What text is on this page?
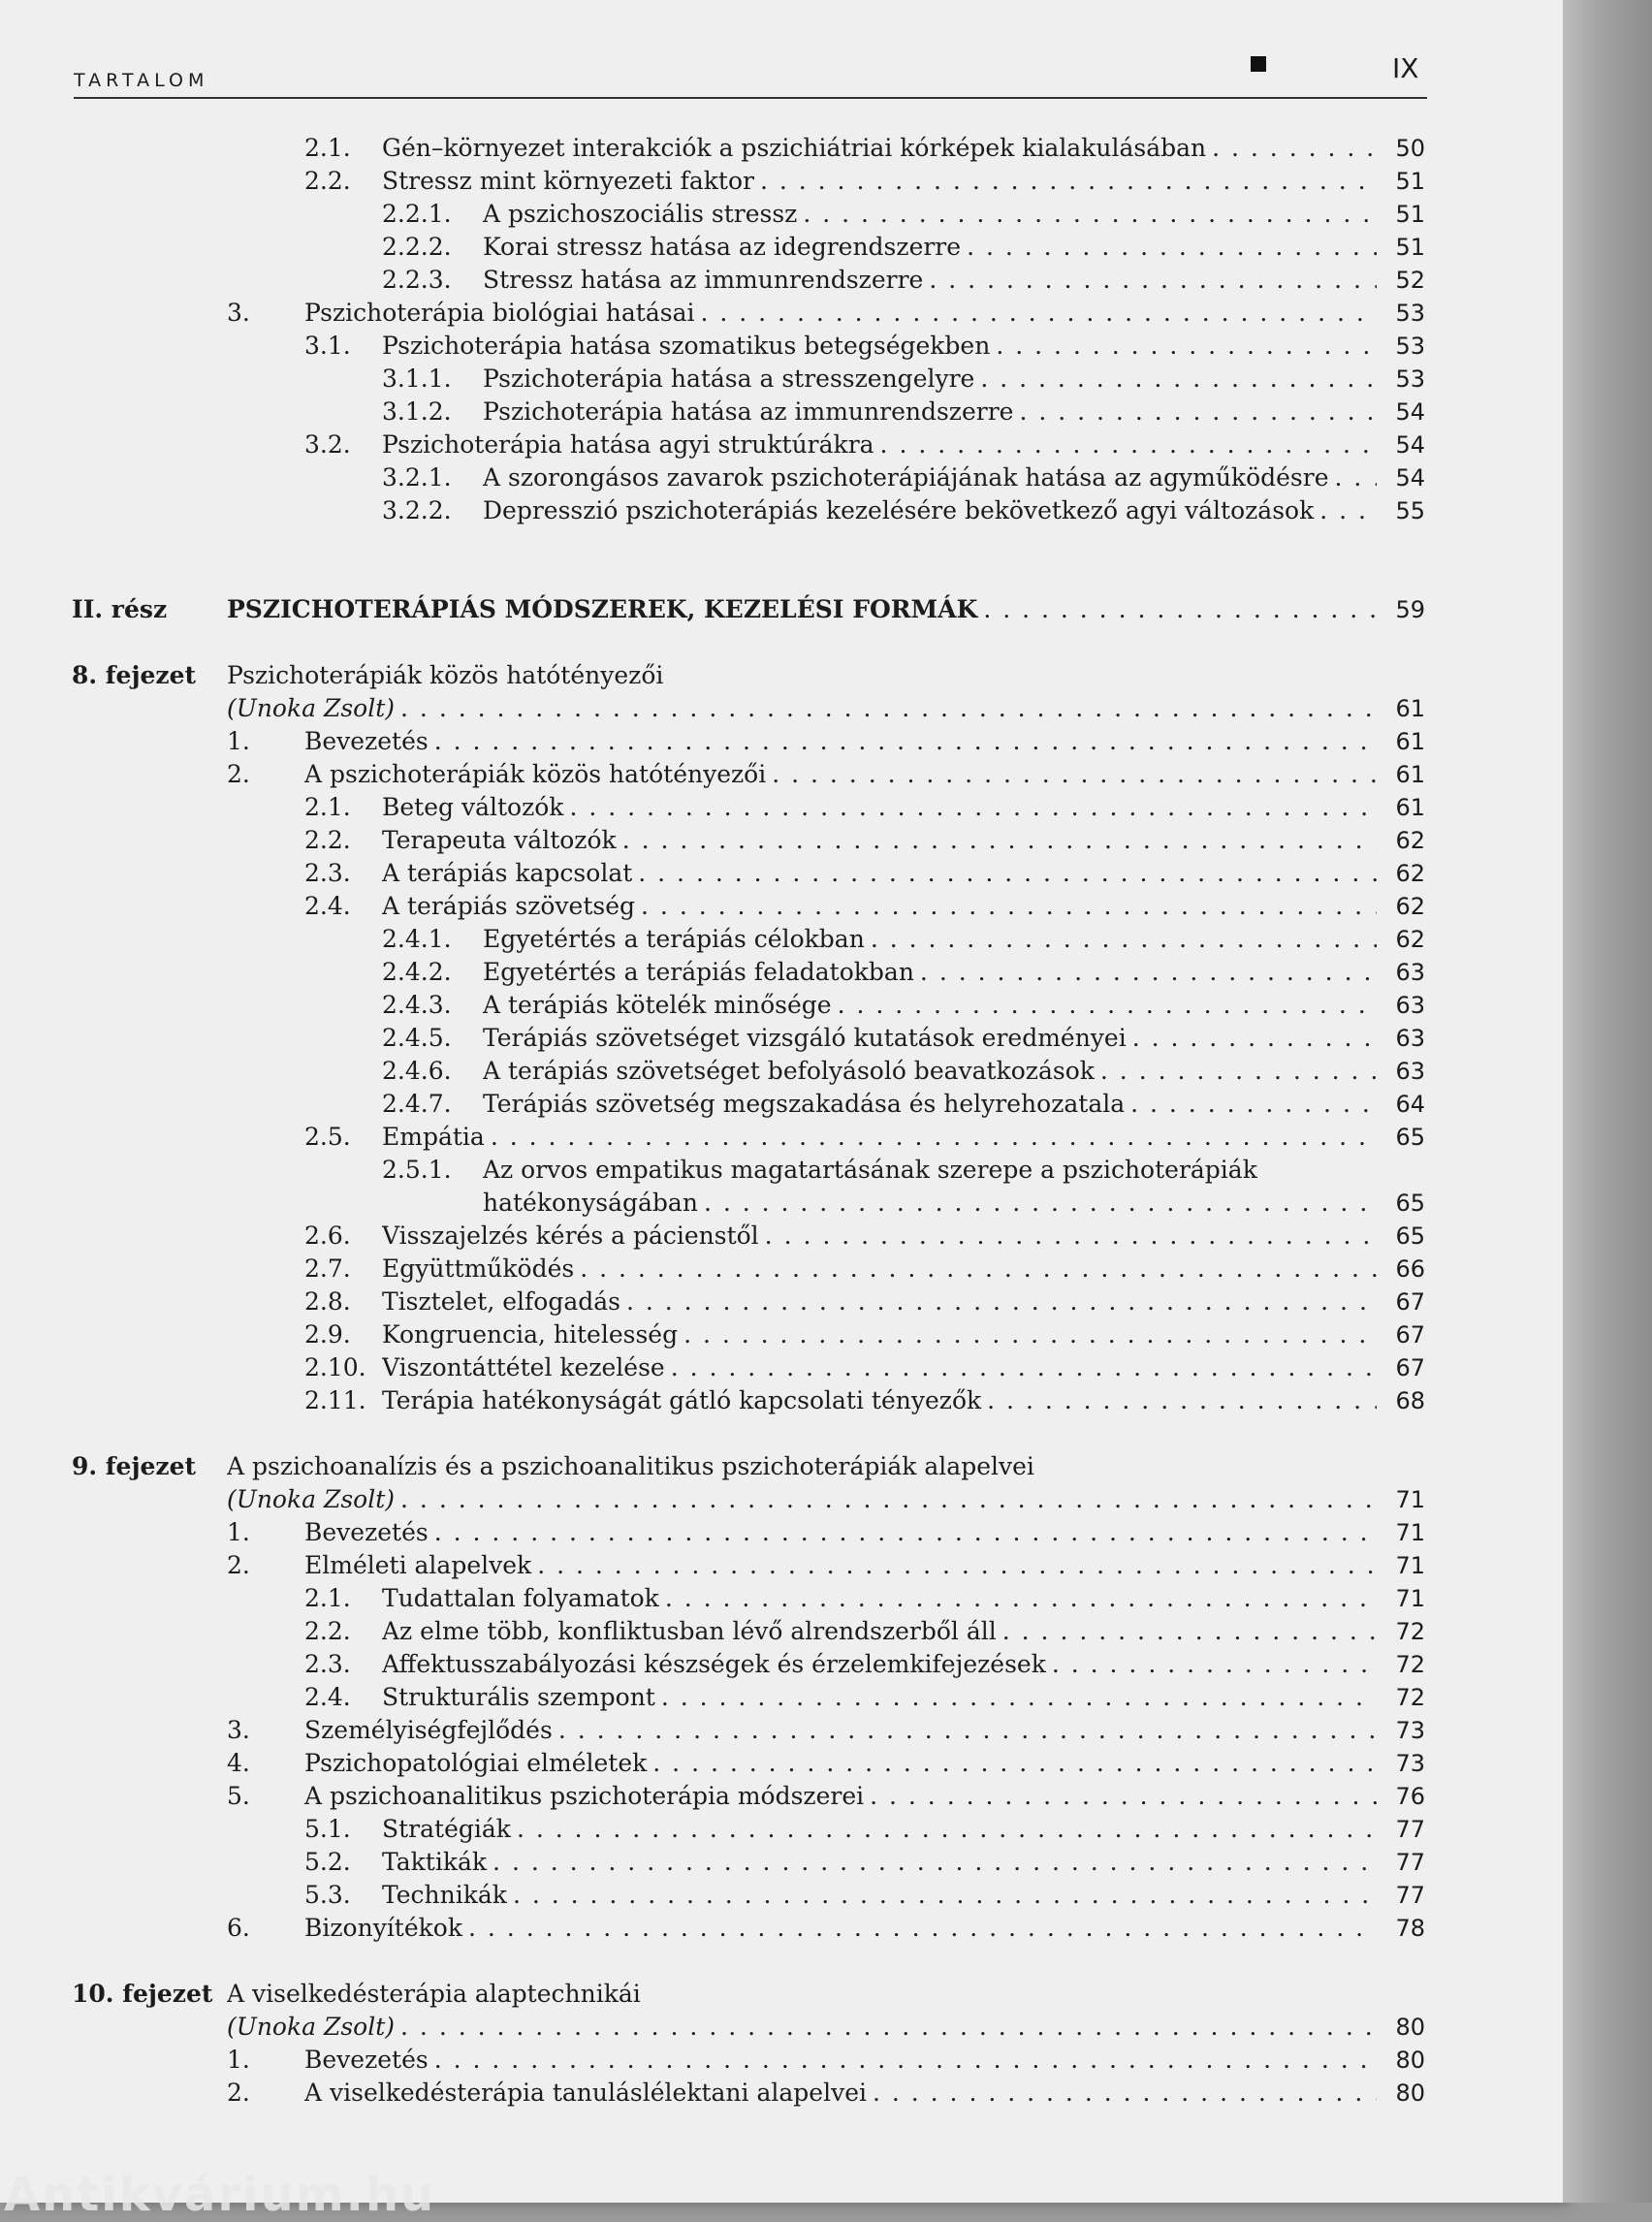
TARTALOM	IX
2.1. Gén–környezet interakciók a pszichiátriai kórképek kialakulásában . . .	50
2.2. Stressz mint környezeti faktor . . .	51
2.2.1. A pszichoszociális stressz . . .	51
2.2.2. Korai stressz hatása az idegrendszerre . . .	51
2.2.3. Stressz hatása az immunrendszerre . . .	52
3. Pszichoterápia biológiai hatásai . . .	53
3.1. Pszichoterápia hatása szomatikus betegségekben . . .	53
3.1.1. Pszichoterápia hatása a stresszengelyre . . .	53
3.1.2. Pszichoterápia hatása az immunrendszerre . . .	54
3.2. Pszichoterápia hatása agyi struktúrákra . . .	54
3.2.1. A szorongásos zavarok pszichoterápiájának hatása az agyműködésre . . .	54
3.2.2. Depresszió pszichoterápiás kezelésére bekövetkező agyi változások . . .	55
II. rész PSZICHOTERÁPIÁS MÓDSZEREK, KEZELÉSI FORMÁK . . .	59
8. fejezet Pszichoterápiák közös hatótényezői
(Unoka Zsolt) . . .	61
1. Bevezetés . . .	61
2. A pszichoterápiák közös hatótényezői . . .	61
2.1. Beteg változók . . .	61
2.2. Terapeuta változók . . .	62
2.3. A terápiás kapcsolat . . .	62
2.4. A terápiás szövetség . . .	62
2.4.1. Egyetértés a terápiás célokban . . .	62
2.4.2. Egyetértés a terápiás feladatokban . . .	63
2.4.3. A terápiás kötelék minősége . . .	63
2.4.5. Terápiás szövetséget vizsgáló kutatások eredményei . . .	63
2.4.6. A terápiás szövetséget befolyásoló beavatkozások . . .	63
2.4.7. Terápiás szövetség megszakadása és helyrehozatala . . .	64
2.5. Empátia . . .	65
2.5.1. Az orvos empatikus magatartásának szerepe a pszichoterápiák
hatékonyságában . . .	65
2.6. Visszajelzés kérés a pácienstől . . .	65
2.7. Együttműködés . . .	66
2.8. Tisztelet, elfogadás . . .	67
2.9. Kongruencia, hitelesség . . .	67
2.10. Viszontáttétel kezelése . . .	67
2.11. Terápia hatékonyságát gátló kapcsolati tényezők . . .	68
9. fejezet A pszichoanalízis és a pszichoanalitikus pszichoterápiák alapelvei
(Unoka Zsolt) . . .	71
1. Bevezetés . . .	71
2. Elméleti alapelvek . . .	71
2.1. Tudattalan folyamatok . . .	71
2.2. Az elme több, konfliktusban lévő alrendszerből áll . . .	72
2.3. Affektusszabályozási készségek és érzelemkifejezések . . .	72
2.4. Strukturális szempont . . .	72
3. Személyiségfejlődés . . .	73
4. Pszichopatológiai elméletek . . .	73
5. A pszichoanalitikus pszichoterápia módszerei . . .	76
5.1. Stratégiák . . .	77
5.2. Taktikák . . .	77
5.3. Technikák . . .	77
6. Bizonyítékok . . .	78
10. fejezet A viselkedésterápia alaptechnikái
(Unoka Zsolt) . . .	80
1. Bevezetés . . .	80
2. A viselkedésterápia tanuláslélektani alapelvei . . .	80
Antikvárium.hu
